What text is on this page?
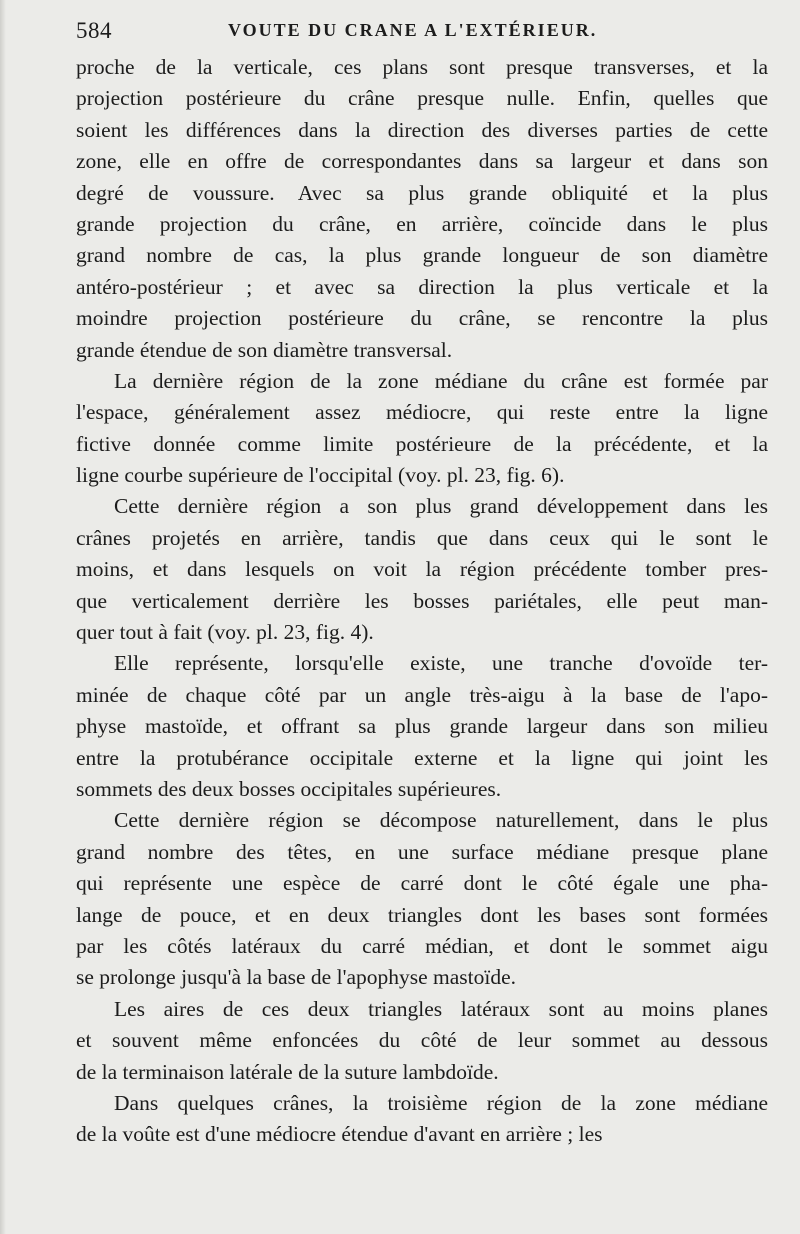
584	VOUTE DU CRANE A L'EXTÉRIEUR.
proche de la verticale, ces plans sont presque transverses, et la
projection postérieure du crâne presque nulle. Enfin, quelles que
soient les différences dans la direction des diverses parties de cette
zone, elle en offre de correspondantes dans sa largeur et dans son
degré de voussure. Avec sa plus grande obliquité et la plus
grande projection du crâne, en arrière, coïncide dans le plus
grand nombre de cas, la plus grande longueur de son diamètre
antéro-postérieur ; et avec sa direction la plus verticale et la
moindre projection postérieure du crâne, se rencontre la plus
grande étendue de son diamètre transversal.
La dernière région de la zone médiane du crâne est formée par
l'espace, généralement assez médiocre, qui reste entre la ligne
fictive donnée comme limite postérieure de la précédente, et la
ligne courbe supérieure de l'occipital (voy. pl. 23, fig. 6).
Cette dernière région a son plus grand développement dans les
crânes projetés en arrière, tandis que dans ceux qui le sont le
moins, et dans lesquels on voit la région précédente tomber pres-
que verticalement derrière les bosses pariétales, elle peut man-
quer tout à fait (voy. pl. 23, fig. 4).
Elle représente, lorsqu'elle existe, une tranche d'ovoïde ter-
minée de chaque côté par un angle très-aigu à la base de l'apo-
physe mastoïde, et offrant sa plus grande largeur dans son milieu
entre la protubérance occipitale externe et la ligne qui joint les
sommets des deux bosses occipitales supérieures.
Cette dernière région se décompose naturellement, dans le plus
grand nombre des têtes, en une surface médiane presque plane
qui représente une espèce de carré dont le côté égale une pha-
lange de pouce, et en deux triangles dont les bases sont formées
par les côtés latéraux du carré médian, et dont le sommet aigu
se prolonge jusqu'à la base de l'apophyse mastoïde.
Les aires de ces deux triangles latéraux sont au moins planes
et souvent même enfoncées du côté de leur sommet au dessous
de la terminaison latérale de la suture lambdoïde.
Dans quelques crânes, la troisième région de la zone médiane
de la voûte est d'une médiocre étendue d'avant en arrière ; les
